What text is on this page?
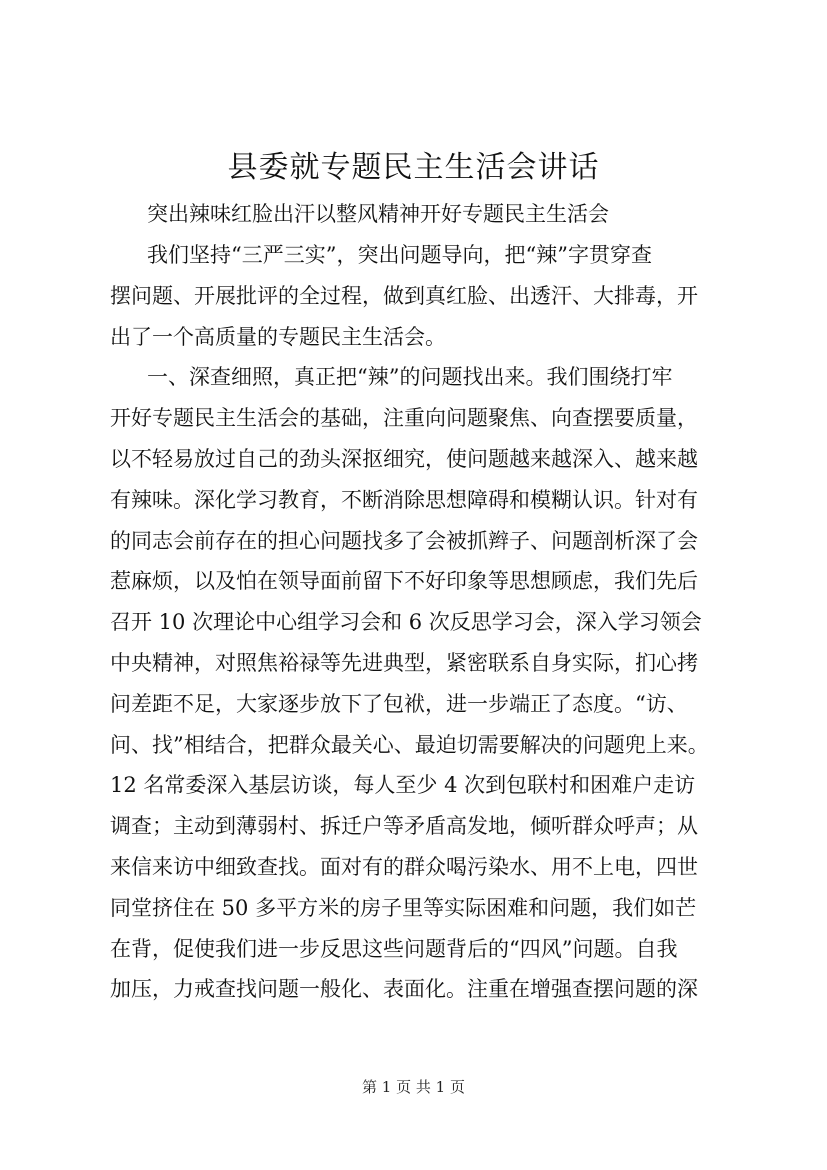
县委就专题民主生活会讲话
突出辣味红脸出汗以整风精神开好专题民主生活会
我们坚持“三严三实”，突出问题导向，把“辣”字贯穿查
摆问题、开展批评的全过程，做到真红脸、出透汗、大排毒，开
出了一个高质量的专题民主生活会。
一、深查细照，真正把“辣”的问题找出来。我们围绕打牢
开好专题民主生活会的基础，注重向问题聚焦、向查摆要质量，
以不轻易放过自己的劲头深抠细究，使问题越来越深入、越来越
有辣味。深化学习教育，不断消除思想障碍和模糊认识。针对有
的同志会前存在的担心问题找多了会被抓辫子、问题剖析深了会
惹麻烦，以及怕在领导面前留下不好印象等思想顾虑，我们先后
召开 10 次理论中心组学习会和 6 次反思学习会，深入学习领会
中央精神，对照焦裕禄等先进典型，紧密联系自身实际，扪心拷
问差距不足，大家逐步放下了包袱，进一步端正了态度。“访、
问、找”相结合，把群众最关心、最迫切需要解决的问题兜上来。
12 名常委深入基层访谈，每人至少 4 次到包联村和困难户走访
调查；主动到薄弱村、拆迁户等矛盾高发地，倾听群众呼声；从
来信来访中细致查找。面对有的群众喝污染水、用不上电，四世
同堂挤住在 50 多平方米的房子里等实际困难和问题，我们如芒
在背，促使我们进一步反思这些问题背后的“四风”问题。自我
加压，力戒查找问题一般化、表面化。注重在增强查摆问题的深
第 1 页 共 1 页
